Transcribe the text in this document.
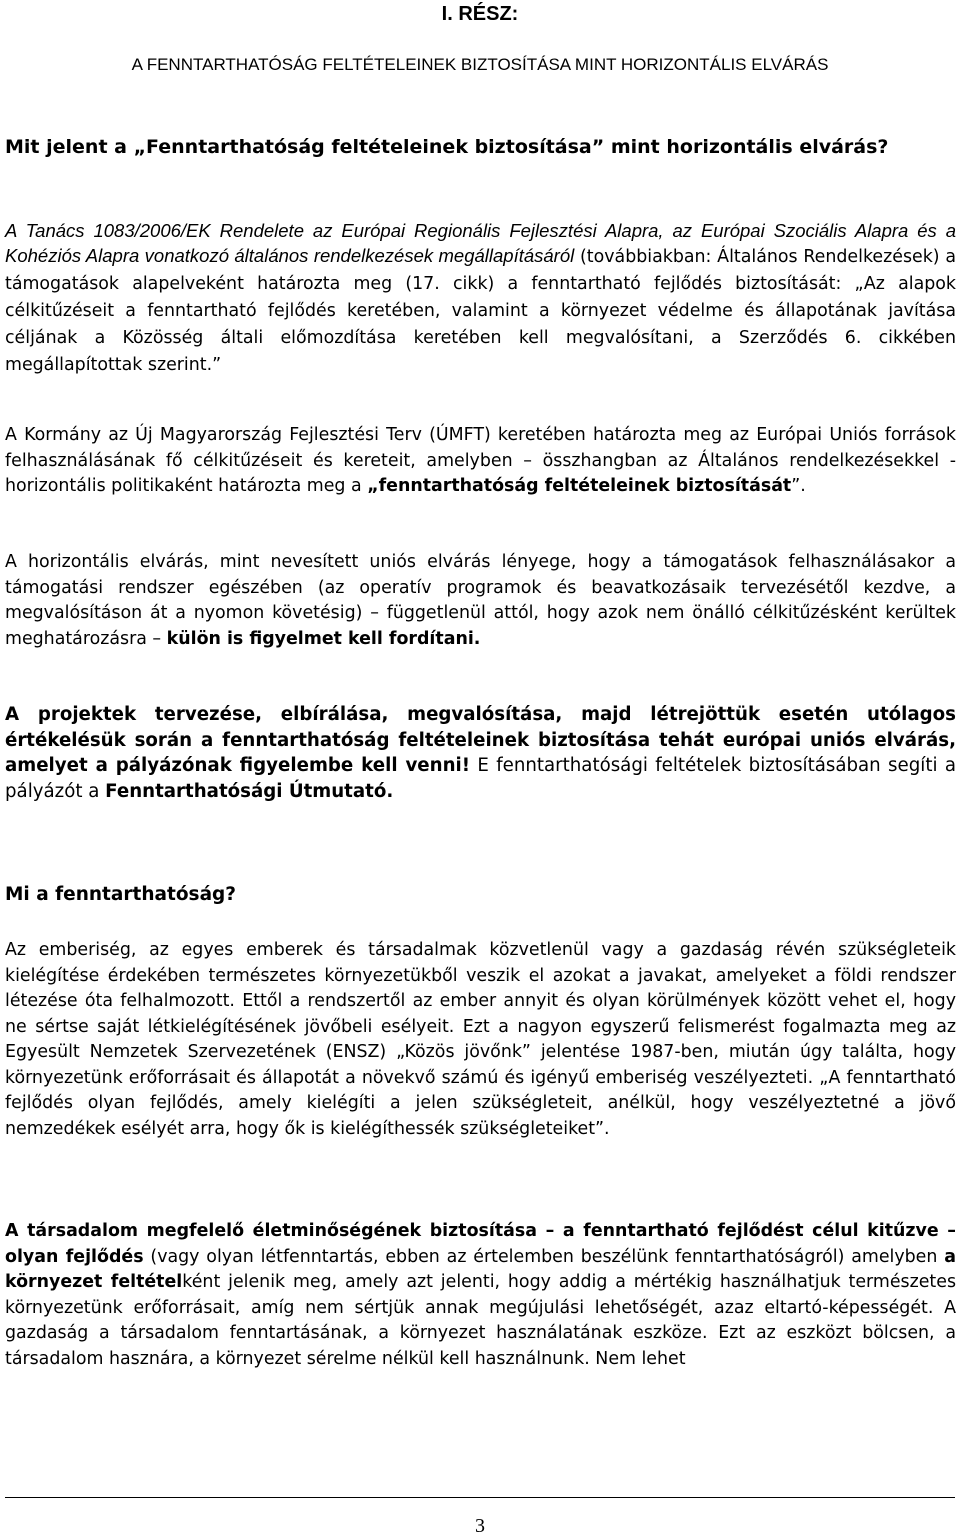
I. RÉSZ:
A FENNTARTHATÓSÁG FELTÉTELEINEK BIZTOSÍTÁSA MINT HORIZONTÁLIS ELVÁRÁS

Mit jelent a „Fenntarthatóság feltételeinek biztosítása” mint horizontális elvárás?

A Tanács 1083/2006/EK Rendelete az Európai Regionális Fejlesztési Alapra, az Európai Szociális Alapra és a Kohéziós Alapra vonatkozó általános rendelkezések megállapításáról (továbbiakban: Általános Rendelkezések) a támogatások alapelveként határozta meg (17. cikk) a fenntartható fejlődés biztosítását: „Az alapok célkitűzéseit a fenntartható fejlődés keretében, valamint a környezet védelme és állapotának javítása céljának a Közösség általi előmozdítása keretében kell megvalósítani, a Szerződés 6. cikkében megállapítottak szerint.”

A Kormány az Új Magyarország Fejlesztési Terv (ÚMFT) keretében határozta meg az Európai Uniós források felhasználásának fő célkitűzéseit és kereteit, amelyben – összhangban az Általános rendelkezésekkel - horizontális politikaként határozta meg a „fenntarthatóság feltételeinek biztosítását”.

A horizontális elvárás, mint nevesített uniós elvárás lényege, hogy a támogatások felhasználásakor a támogatási rendszer egészében (az operatív programok és beavatkozásaik tervezésétől kezdve, a megvalósításon át a nyomon követésig) – függetlenül attól, hogy azok nem önálló célkitűzésként kerültek meghatározásra – külön is figyelmet kell fordítani.

A projektek tervezése, elbírálása, megvalósítása, majd létrejöttük esetén utólagos értékelésük során a fenntarthatóság feltételeinek biztosítása tehát európai uniós elvárás, amelyet a pályázónak figyelembe kell venni! E fenntarthatósági feltételek biztosításában segíti a pályázót a Fenntarthatósági Útmutató.

Mi a fenntarthatóság?

Az emberiség, az egyes emberek és társadalmak közvetlenül vagy a gazdaság révén szükségleteik kielégítése érdekében természetes környezetükből veszik el azokat a javakat, amelyeket a földi rendszer létezése óta felhalmozott. Ettől a rendszertől az ember annyit és olyan körülmények között vehet el, hogy ne sértse saját létkielégítésének jövőbeli esélyeit. Ezt a nagyon egyszerű felismerést fogalmazta meg az Egyesült Nemzetek Szervezetének (ENSZ) „Közös jövőnk” jelentése 1987-ben, miután úgy találta, hogy környezetünk erőforrásait és állapotát a növekvő számú és igényű emberiség veszélyezteti. „A fenntartható fejlődés olyan fejlődés, amely kielégíti a jelen szükségleteit, anélkül, hogy veszélyeztetné a jövő nemzedékek esélyét arra, hogy ők is kielégíthessék szükségleteiket”.

A társadalom megfelelő életminőségének biztosítása – a fenntartható fejlődést célul kitűzve – olyan fejlődés (vagy olyan létfenntartás, ebben az értelemben beszélünk fenntarthatóságról) amelyben a környezet feltételként jelenik meg, amely azt jelenti, hogy addig a mértékig használhatjuk természetes környezetünk erőforrásait, amíg nem sértjük annak megújulási lehetőségét, azaz eltartó-képességét. A gazdaság a társadalom fenntartásának, a környezet használatának eszköze. Ezt az eszközt bölcsen, a társadalom hasznára, a környezet sérelme nélkül kell használnunk. Nem lehet

3
